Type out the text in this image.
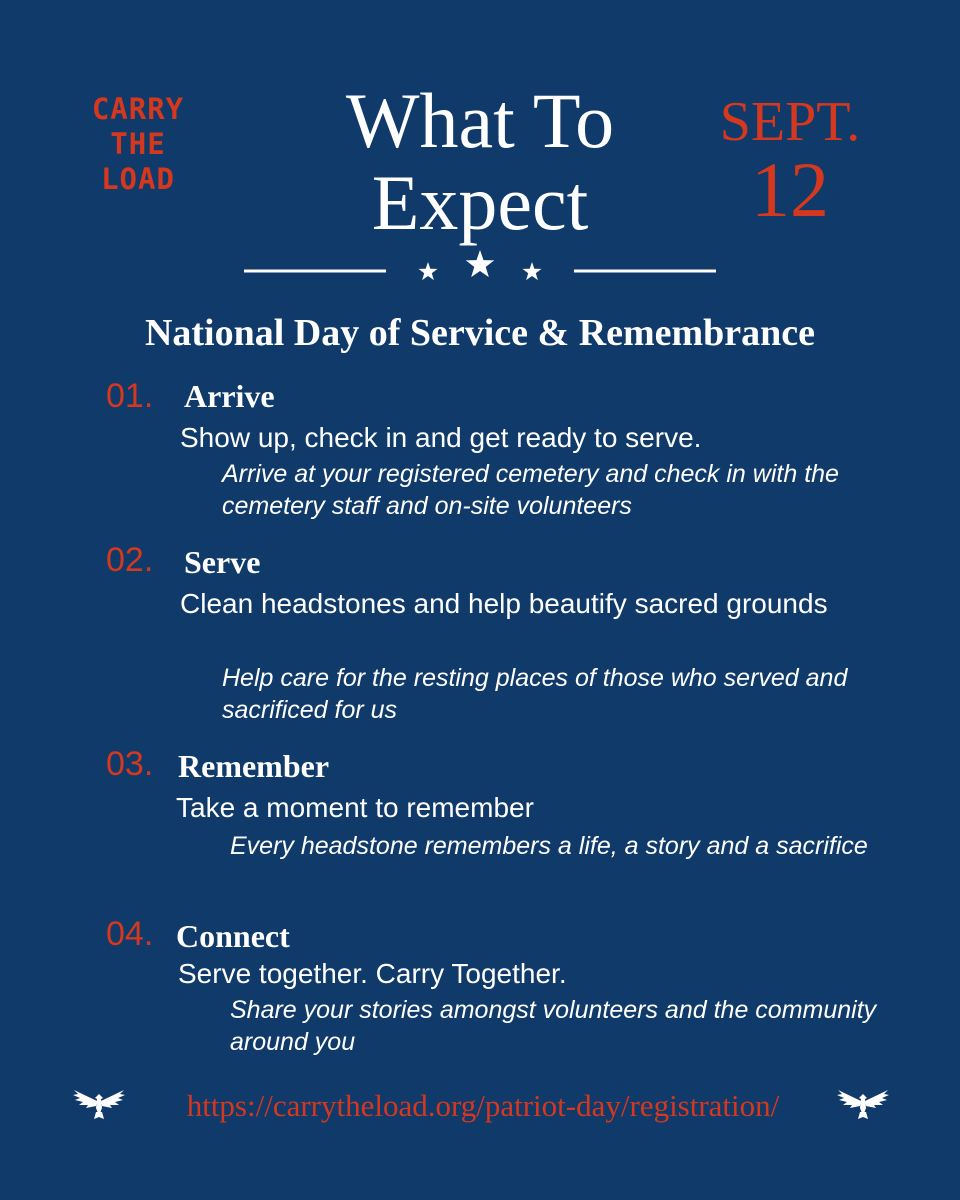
CARRY
THE
LOAD
What To
Expect
SEPT.
12
National Day of Service & Remembrance
01. Arrive
Show up, check in and get ready to serve.
Arrive at your registered cemetery and check in with the cemetery staff and on-site volunteers
02. Serve
Clean headstones and help beautify sacred grounds
Help care for the resting places of those who served and sacrificed for us
03. Remember
Take a moment to remember
Every headstone remembers a life, a story and a sacrifice
04. Connect
Serve together. Carry Together.
Share your stories amongst volunteers and the community around you
https://carrytheload.org/patriot-day/registration/
